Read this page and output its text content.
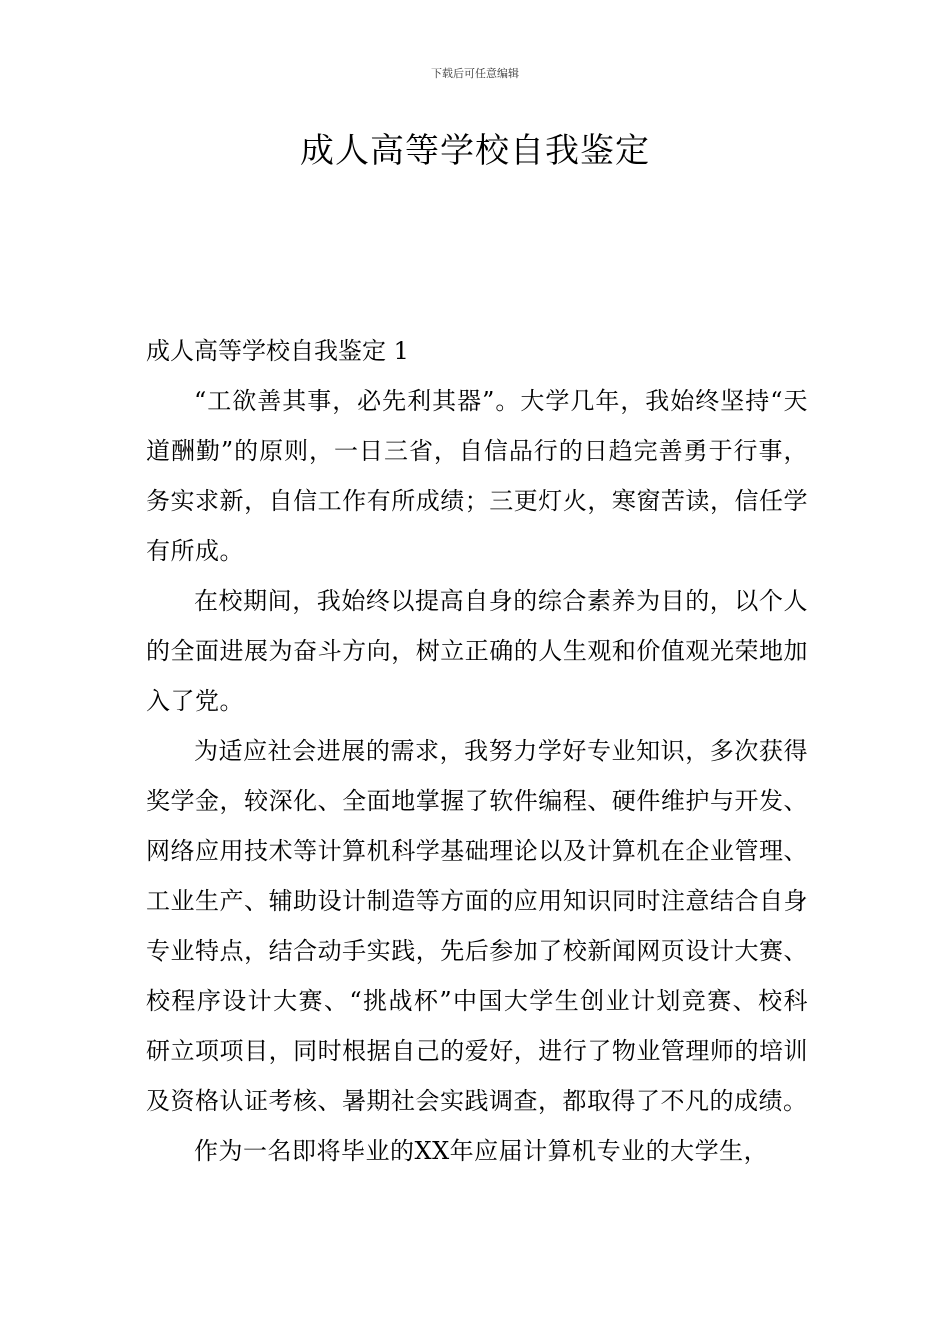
下载后可任意编辑
成人高等学校自我鉴定
成人高等学校自我鉴定 1

“工欲善其事，必先利其器”。大学几年，我始终坚持“天道酬勤”的原则，一日三省，自信品行的日趋完善勇于行事，务实求新，自信工作有所成绩；三更灯火，寒窗苦读，信任学有所成。

在校期间，我始终以提高自身的综合素养为目的，以个人的全面进展为奋斗方向，树立正确的人生观和价值观光荣地加入了党。

为适应社会进展的需求，我努力学好专业知识，多次获得奖学金，较深化、全面地掌握了软件编程、硬件维护与开发、网络应用技术等计算机科学基础理论以及计算机在企业管理、工业生产、辅助设计制造等方面的应用知识同时注意结合自身专业特点，结合动手实践，先后参加了校新闻网页设计大赛、校程序设计大赛、“挑战杯”中国大学生创业计划竞赛、校科研立项项目，同时根据自己的爱好，进行了物业管理师的培训及资格认证考核、暑期社会实践调查，都取得了不凡的成绩。

作为一名即将毕业的XX年应届计算机专业的大学生，
